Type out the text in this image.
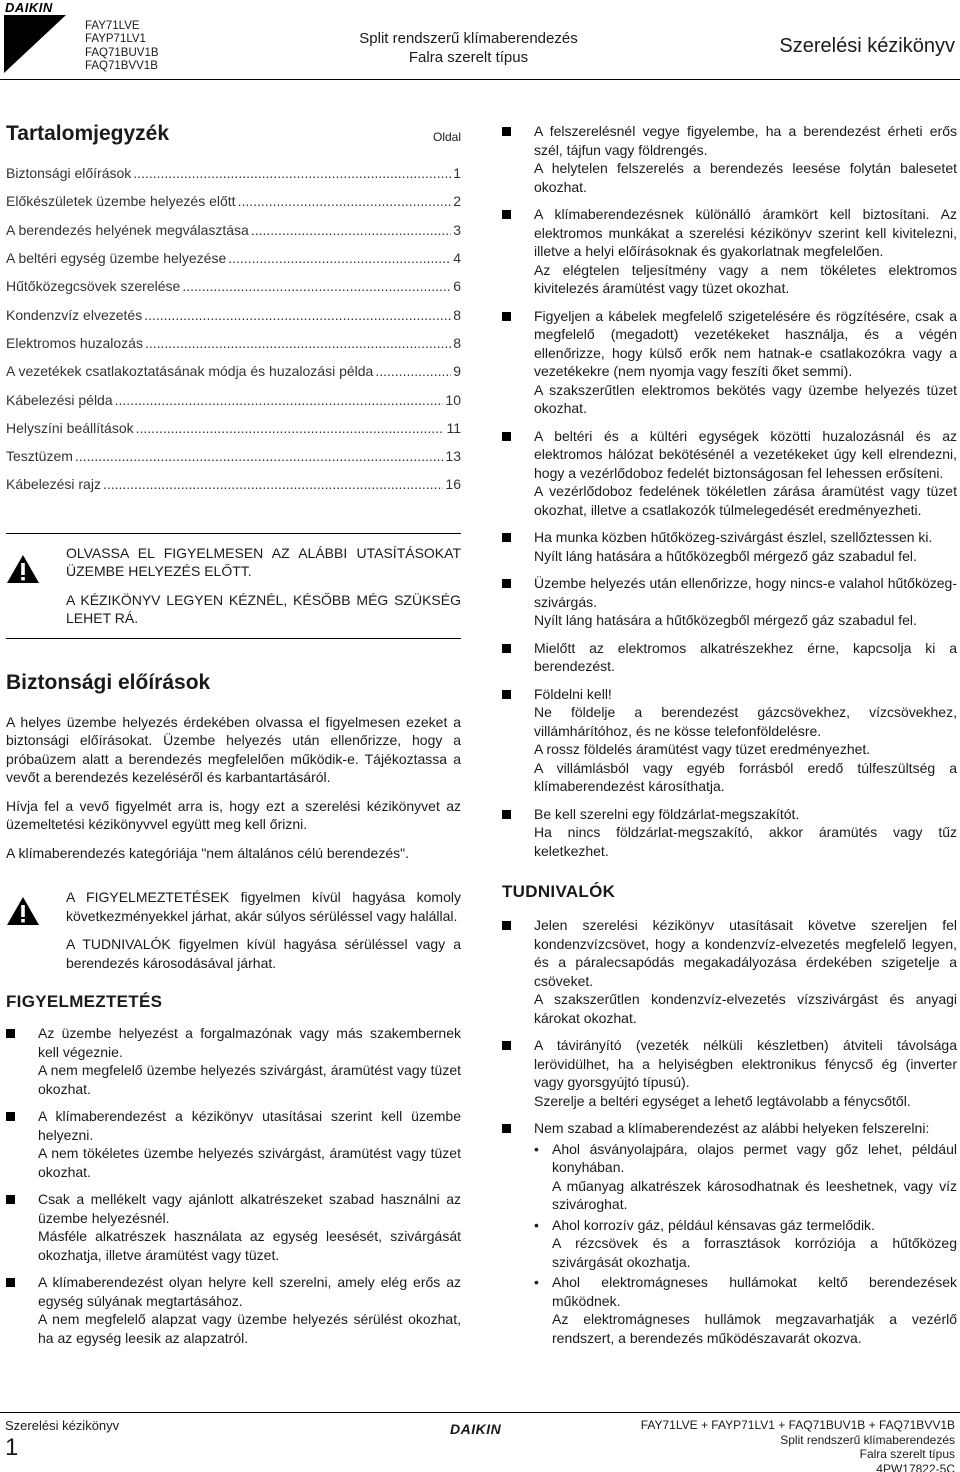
DAIKIN
FAY71LVE
FAYP71LV1
FAQ71BUV1B
FAQ71BVV1B
Split rendszerű klímaberendezés
Falra szerelt típus
Szerelési kézikönyv
Tartalomjegyzék	Oldal
Biztonsági előírások .....	1
Előkészületek üzembe helyezés előtt .....	2
A berendezés helyének megválasztása .....	3
A beltéri egység üzembe helyezése .....	4
Hűtőközegcsövek szerelése .....	6
Kondenzvíz elvezetés .....	8
Elektromos huzalozás .....	8
A vezetékek csatlakoztatásának módja és huzalozási példa .....	9
Kábelezési példa .....	10
Helyszíni beállítások .....	11
Tesztüzem .....	13
Kábelezési rajz .....	16

OLVASSA EL FIGYELMESEN AZ ALÁBBI UTASÍTÁSOKAT ÜZEMBE HELYEZÉS ELŐTT.

A KÉZIKÖNYV LEGYEN KÉZNÉL, KÉSŐBB MÉG SZÜKSÉG LEHET RÁ.

Biztonsági előírások

A helyes üzembe helyezés érdekében olvassa el figyelmesen ezeket a biztonsági előírásokat. Üzembe helyezés után ellenőrizze, hogy a próbaüzem alatt a berendezés megfelelően működik-e. Tájékoztassa a vevőt a berendezés kezeléséről és karbantartásáról.

Hívja fel a vevő figyelmét arra is, hogy ezt a szerelési kézikönyvet az üzemeltetési kézikönyvvel együtt meg kell őrizni.

A klímaberendezés kategóriája "nem általános célú berendezés".

A FIGYELMEZTETÉSEK figyelmen kívül hagyása komoly következményekkel járhat, akár súlyos sérüléssel vagy halállal.

A TUDNIVALÓK figyelmen kívül hagyása sérüléssel vagy a berendezés károsodásával járhat.

FIGYELMEZTETÉS
Az üzembe helyezést a forgalmazónak vagy más szakembernek kell végeznie.
A nem megfelelő üzembe helyezés szivárgást, áramütést vagy tüzet okozhat.
A klímaberendezést a kézikönyv utasításai szerint kell üzembe helyezni.
A nem tökéletes üzembe helyezés szivárgást, áramütést vagy tüzet okozhat.
Csak a mellékelt vagy ajánlott alkatrészeket szabad használni az üzembe helyezésnél.
Másféle alkatrészek használata az egység leesését, szivárgását okozhatja, illetve áramütést vagy tüzet.
A klímaberendezést olyan helyre kell szerelni, amely elég erős az egység súlyának megtartásához.
A nem megfelelő alapzat vagy üzembe helyezés sérülést okozhat, ha az egység leesik az alapzatról.
A felszerelésnél vegye figyelembe, ha a berendezést érheti erős szél, tájfun vagy földrengés.
A helytelen felszerelés a berendezés leesése folytán balesetet okozhat.
A klímaberendezésnek különálló áramkört kell biztosítani. Az elektromos munkákat a szerelési kézikönyv szerint kell kivitelezni, illetve a helyi előírásoknak és gyakorlatnak megfelelően.
Az elégtelen teljesítmény vagy a nem tökéletes elektromos kivitelezés áramütést vagy tüzet okozhat.
Figyeljen a kábelek megfelelő szigetelésére és rögzítésére, csak a megfelelő (megadott) vezetékeket használja, és a végén ellenőrizze, hogy külső erők nem hatnak-e csatlakozókra vagy a vezetékekre (nem nyomja vagy feszíti őket semmi).
A szakszerűtlen elektromos bekötés vagy üzembe helyezés tüzet okozhat.
A beltéri és a kültéri egységek közötti huzalozásnál és az elektromos hálózat bekötésénél a vezetékeket úgy kell elrendezni, hogy a vezérlődoboz fedelét biztonságosan fel lehessen erősíteni.
A vezérlődoboz fedelének tökéletlen zárása áramütést vagy tüzet okozhat, illetve a csatlakozók túlmelegedését eredményezheti.
Ha munka közben hűtőközeg-szivárgást észlel, szellőztessen ki.
Nyílt láng hatására a hűtőközegből mérgező gáz szabadul fel.
Üzembe helyezés után ellenőrizze, hogy nincs-e valahol hűtőközeg-szivárgás.
Nyílt láng hatására a hűtőközegből mérgező gáz szabadul fel.
Mielőtt az elektromos alkatrészekhez érne, kapcsolja ki a berendezést.
Földelni kell!
Ne földelje a berendezést gázcsövekhez, vízcsövekhez, villámhárítóhoz, és ne kösse telefonföldelésre.
A rossz földelés áramütést vagy tüzet eredményezhet.
A villámlásból vagy egyéb forrásból eredő túlfeszültség a klímaberendezést károsíthatja.
Be kell szerelni egy földzárlat-megszakítót.
Ha nincs földzárlat-megszakító, akkor áramütés vagy tűz keletkezhet.
TUDNIVALÓK
Jelen szerelési kézikönyv utasításait követve szereljen fel kondenzvízcsövet, hogy a kondenzvíz-elvezetés megfelelő legyen, és a páralecsapódás megakadályozása érdekében szigetelje a csöveket.
A szakszerűtlen kondenzvíz-elvezetés vízszivárgást és anyagi károkat okozhat.
A távirányító (vezeték nélküli készletben) átviteli távolsága lerövidülhet, ha a helyiségben elektronikus fénycső ég (inverter vagy gyorsgyújtó típusú).
Szerelje a beltéri egységet a lehető legtávolabb a fénycsőtől.
Nem szabad a klímaberendezést az alábbi helyeken felszerelni:
• Ahol ásványolajpára, olajos permet vagy gőz lehet, például konyhában.
A műanyag alkatrészek károsodhatnak és leeshetnek, vagy víz szivároghat.
• Ahol korrozív gáz, például kénsavas gáz termelődik.
A rézcsövek és a forrasztások korróziója a hűtőközeg szivárgását okozhatja.
• Ahol elektromágneses hullámokat keltő berendezések működnek.
Az elektromágneses hullámok megzavarhatják a vezérlő rendszert, a berendezés működészavarát okozva.
Szerelési kézikönyv
1
DAIKIN	FAY71LVE + FAYP71LV1 + FAQ71BUV1B + FAQ71BVV1B
Split rendszerű klímaberendezés
Falra szerelt típus
4PW17822-5C
